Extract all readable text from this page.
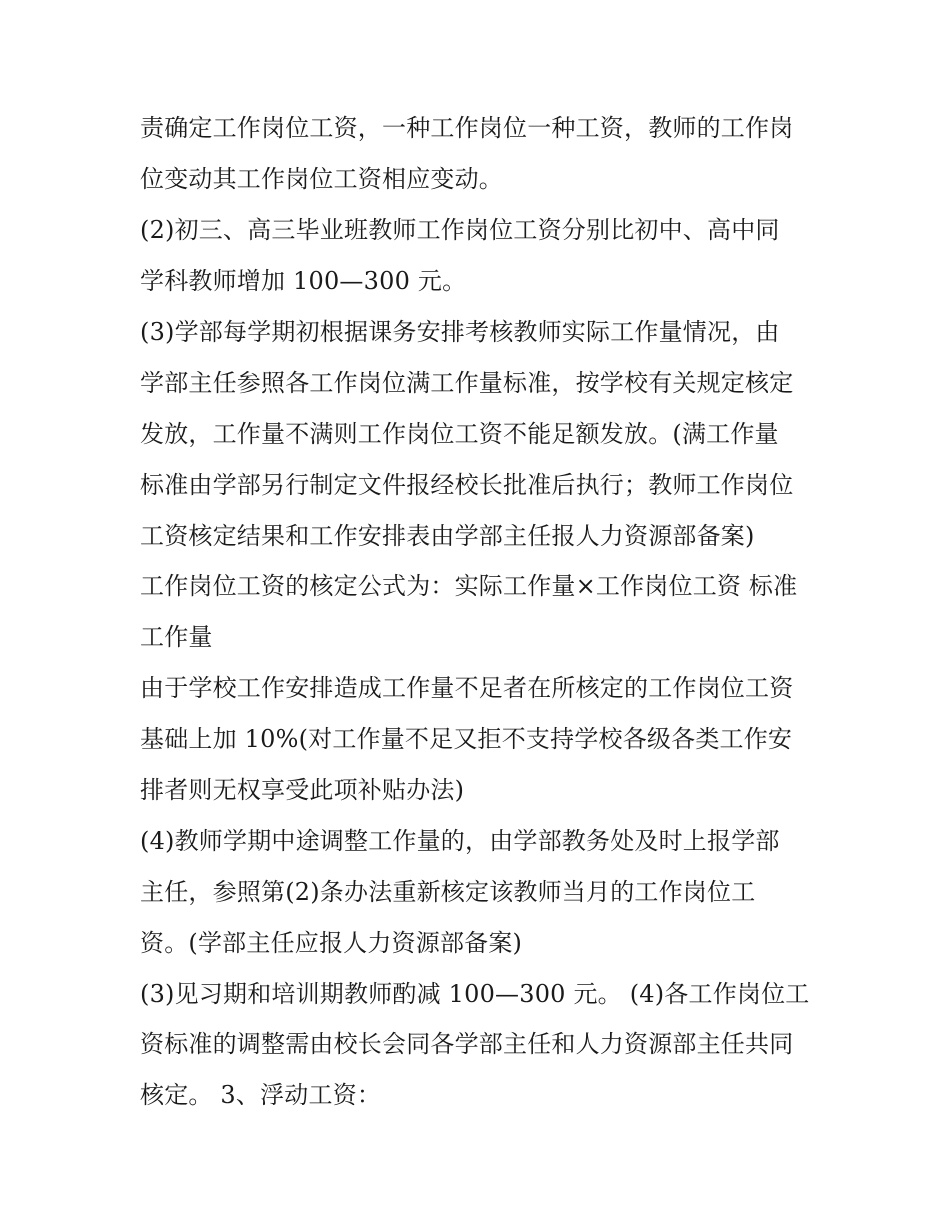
责确定工作岗位工资，一种工作岗位一种工资，教师的工作岗
位变动其工作岗位工资相应变动。
(2)初三、高三毕业班教师工作岗位工资分别比初中、高中同
学科教师增加 100—300 元。
(3)学部每学期初根据课务安排考核教师实际工作量情况，由
学部主任参照各工作岗位满工作量标准，按学校有关规定核定
发放，工作量不满则工作岗位工资不能足额发放。(满工作量
标准由学部另行制定文件报经校长批准后执行；教师工作岗位
工资核定结果和工作安排表由学部主任报人力资源部备案)
工作岗位工资的核定公式为：实际工作量×工作岗位工资 标准
工作量
由于学校工作安排造成工作量不足者在所核定的工作岗位工资
基础上加 10%(对工作量不足又拒不支持学校各级各类工作安
排者则无权享受此项补贴办法)
(4)教师学期中途调整工作量的，由学部教务处及时上报学部
主任，参照第(2)条办法重新核定该教师当月的工作岗位工
资。(学部主任应报人力资源部备案)
(3)见习期和培训期教师酌减 100—300 元。 (4)各工作岗位工
资标准的调整需由校长会同各学部主任和人力资源部主任共同
核定。 3、浮动工资：
